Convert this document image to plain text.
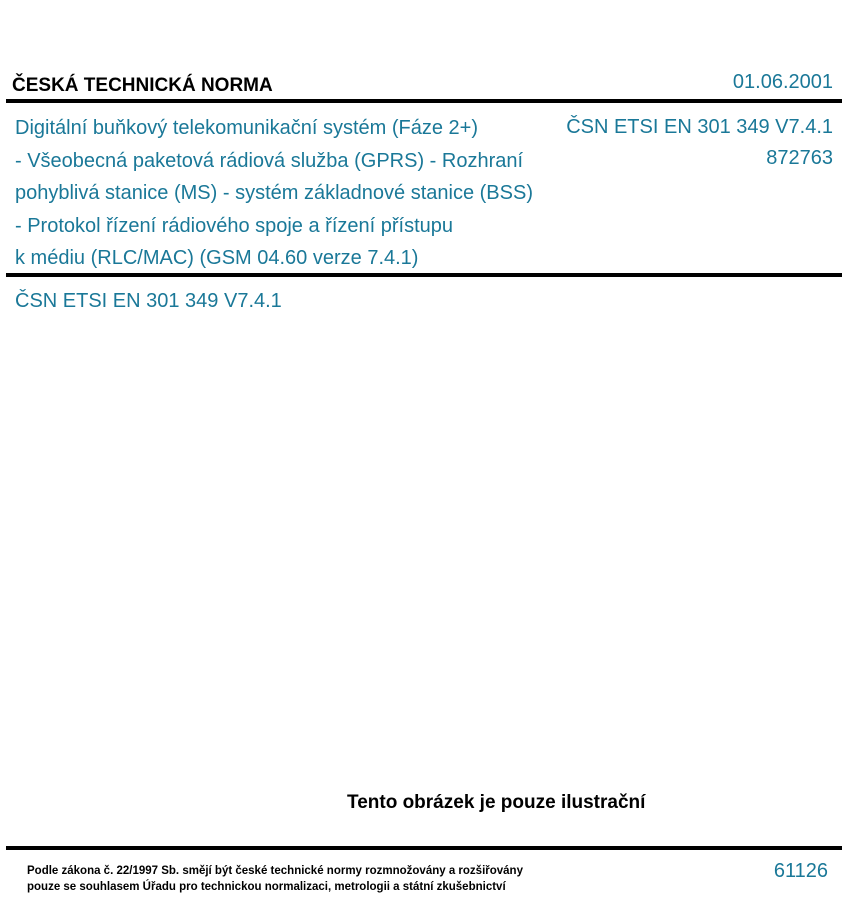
ČESKÁ TECHNICKÁ NORMA	01.06.2001
Digitální buňkový telekomunikační systém (Fáze 2+)
- Všeobecná paketová rádiová služba (GPRS) - Rozhraní
pohyblivá stanice (MS) - systém základnové stanice (BSS)
- Protokol řízení rádiového spoje a řízení přístupu
k médiu (RLC/MAC) (GSM 04.60 verze 7.4.1)
ČSN ETSI EN 301 349 V7.4.1
872763
ČSN ETSI EN 301 349 V7.4.1
Tento obrázek je pouze ilustrační
Podle zákona č. 22/1997 Sb. smějí být české technické normy rozmnožovány a rozšiřovány
pouze se souhlasem Úřadu pro technickou normalizaci, metrologii a státní zkušebnictví
61126
